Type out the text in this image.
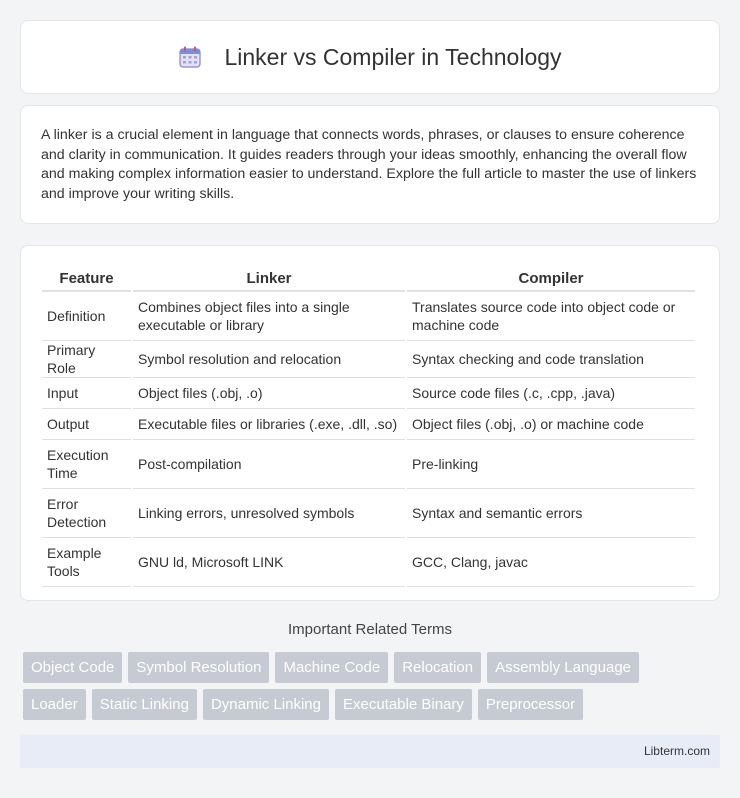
Linker vs Compiler in Technology

A linker is a crucial element in language that connects words, phrases, or clauses to ensure coherence and clarity in communication. It guides readers through your ideas smoothly, enhancing the overall flow and making complex information easier to understand. Explore the full article to master the use of linkers and improve your writing skills.

Feature	Linker	Compiler
Definition	Combines object files into a single executable or library	Translates source code into object code or machine code
Primary Role	Symbol resolution and relocation	Syntax checking and code translation
Input	Object files (.obj, .o)	Source code files (.c, .cpp, .java)
Output	Executable files or libraries (.exe, .dll, .so)	Object files (.obj, .o) or machine code
Execution Time	Post-compilation	Pre-linking
Error Detection	Linking errors, unresolved symbols	Syntax and semantic errors
Example Tools	GNU ld, Microsoft LINK	GCC, Clang, javac
Important Related Terms
Object Code	Symbol Resolution	Machine Code	Relocation	Assembly Language
Loader	Static Linking	Dynamic Linking	Executable Binary	Preprocessor
Libterm.com
